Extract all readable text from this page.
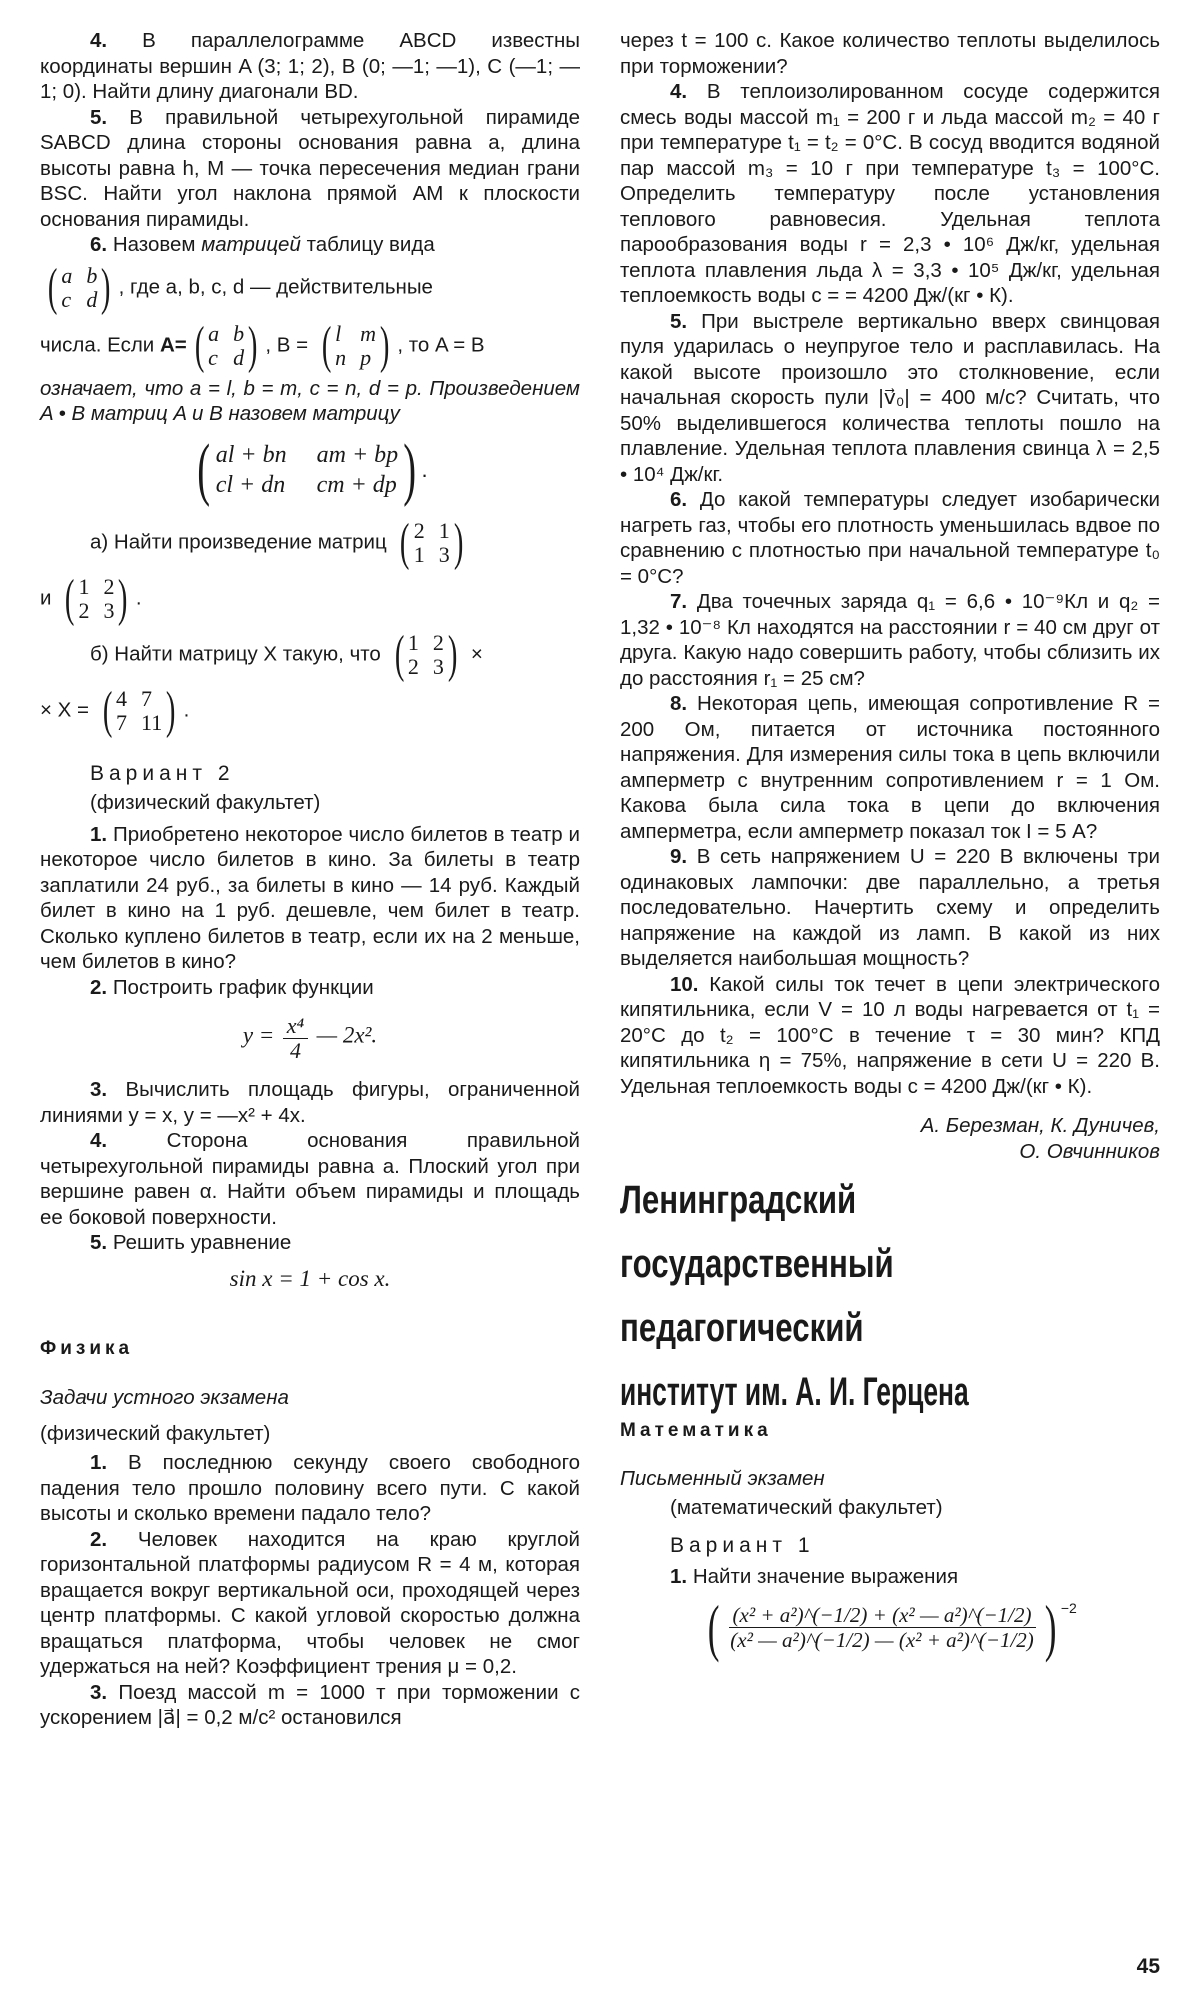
4. В параллелограмме ABCD известны координаты вершин A (3; 1; 2), B (0; —1; —1), C (—1; —1; 0). Найти длину диагонали BD.

5. В правильной четырехугольной пирамиде SABCD длина стороны основания равна a, длина высоты равна h, M — точка пересечения медиан грани BSC. Найти угол наклона прямой AM к плоскости основания пирамиды.

6. Назовем матрицей таблицу вида

( a b
c d ) , где a, b, c, d — действительные

числа. Если A= ( a b
c d ) , B = ( l m
n p ) , то A = B

означает, что a = l, b = m, c = n, d = p. Произведением A • B матриц A и B назовем матрицу

( al + bn am + bp
cl + dn cm + dp ) .

а) Найти произведение матриц ( 2 1
1 3 )

и ( 1 2
2 3 ) .

б) Найти матрицу X такую, что ( 1 2
2 3 ) ×

× X = ( 4 7
7 11 ) .

Вариант 2

(физический факультет)

1. Приобретено некоторое число билетов в театр и некоторое число билетов в кино. За билеты в театр заплатили 24 руб., за билеты в кино — 14 руб. Каждый билет в кино на 1 руб. дешевле, чем билет в театр. Сколько куплено билетов в театр, если их на 2 меньше, чем билетов в кино?

2. Построить график функции

$y = \frac{\text{x⁴}}{4}$ — 2x².

3. Вычислить площадь фигуры, ограниченной линиями y = x, y = —x² + 4x.

4.	Сторона основания правильной четырехугольной пирамиды равна a. Плоский угол при вершине равен α. Найти объем пирамиды и площадь ее боковой поверхности.

5. Решить уравнение

sin x = 1 + cos x.

Физика

Задачи устного экзамена

(физический факультет)

1. В последнюю секунду своего свободного падения тело прошло половину всего пути. С какой высоты и сколько времени падало тело?

2. Человек находится на краю круглой горизонтальной платформы радиусом R = 4 м, которая вращается вокруг вертикальной оси, проходящей через центр платформы. С какой угловой скоростью должна вращаться платформа, чтобы человек не смог удержаться на ней? Коэффициент трения μ = 0,2.

3. Поезд массой m = 1000 т при торможении с ускорением |a⃗| = 0,2 м/с² остановился

через t = 100 с. Какое количество теплоты выделилось при торможении?

4. В теплоизолированном сосуде содержится смесь воды массой m₁ = 200 г и льда массой m₂ = 40 г при температуре t₁ = t₂ = 0°С. В сосуд вводится водяной пар массой m₃ = 10 г при температуре t₃ = 100°С. Определить температуру после установления теплового равновесия. Удельная теплота парообразования воды r = 2,3 • 10⁶ Дж/кг, удельная теплота плавления льда λ = 3,3 • 10⁵ Дж/кг, удельная теплоемкость воды c = = 4200 Дж/(кг • К).

5. При выстреле вертикально вверх свинцовая пуля ударилась о неупругое тело и расплавилась. На какой высоте произошло это столкновение, если начальная скорость пули |v⃗₀| = 400 м/с? Считать, что 50% выделившегося количества теплоты пошло на плавление. Удельная теплота плавления свинца λ = 2,5 • 10⁴ Дж/кг.

6. До какой температуры следует изобарически нагреть газ, чтобы его плотность уменьшилась вдвое по сравнению с плотностью при начальной температуре t₀ = 0°С?

7. Два точечных заряда q₁ = 6,6 • 10⁻⁹Кл и q₂ = 1,32 • 10⁻⁸ Кл находятся на расстоянии r = 40 см друг от друга. Какую надо совершить работу, чтобы сблизить их до расстояния r₁ = 25 см?

8. Некоторая цепь, имеющая сопротивление R = 200 Ом, питается от источника постоянного напряжения. Для измерения силы тока в цепь включили амперметр с внутренним сопротивлением r = 1 Ом. Какова была сила тока в цепи до включения амперметра, если амперметр показал ток I = 5 А?

9. В сеть напряжением U = 220 В включены три одинаковых лампочки: две параллельно, а третья последовательно. Начертить схему и определить напряжение на каждой из ламп. В какой из них выделяется наибольшая мощность?

10. Какой силы ток течет в цепи электрического кипятильника, если V = 10 л воды нагревается от t₁ = 20°С до t₂ = 100°С в течение τ = 30 мин? КПД кипятильника η = 75%, напряжение в сети U = 220 В. Удельная теплоемкость воды c = 4200 Дж/(кг • К).

А. Березман, К. Дуничев,

О. Овчинников

Ленинградский
государственный
педагогический
институт им. А. И. Герцена

Математика

Письменный экзамен

(математический факультет)

Вариант 1

1. Найти значение выражения

( $\frac{\text{(x² + a²)\textasciicircum{}(−1/2) + (x² — a²)\textasciicircum{}(−1/2)}}{\text{(x² — a²)\textasciicircum{}(−1/2) — (x² + a²)\textasciicircum{}(−1/2)}}$ ) −2
45
